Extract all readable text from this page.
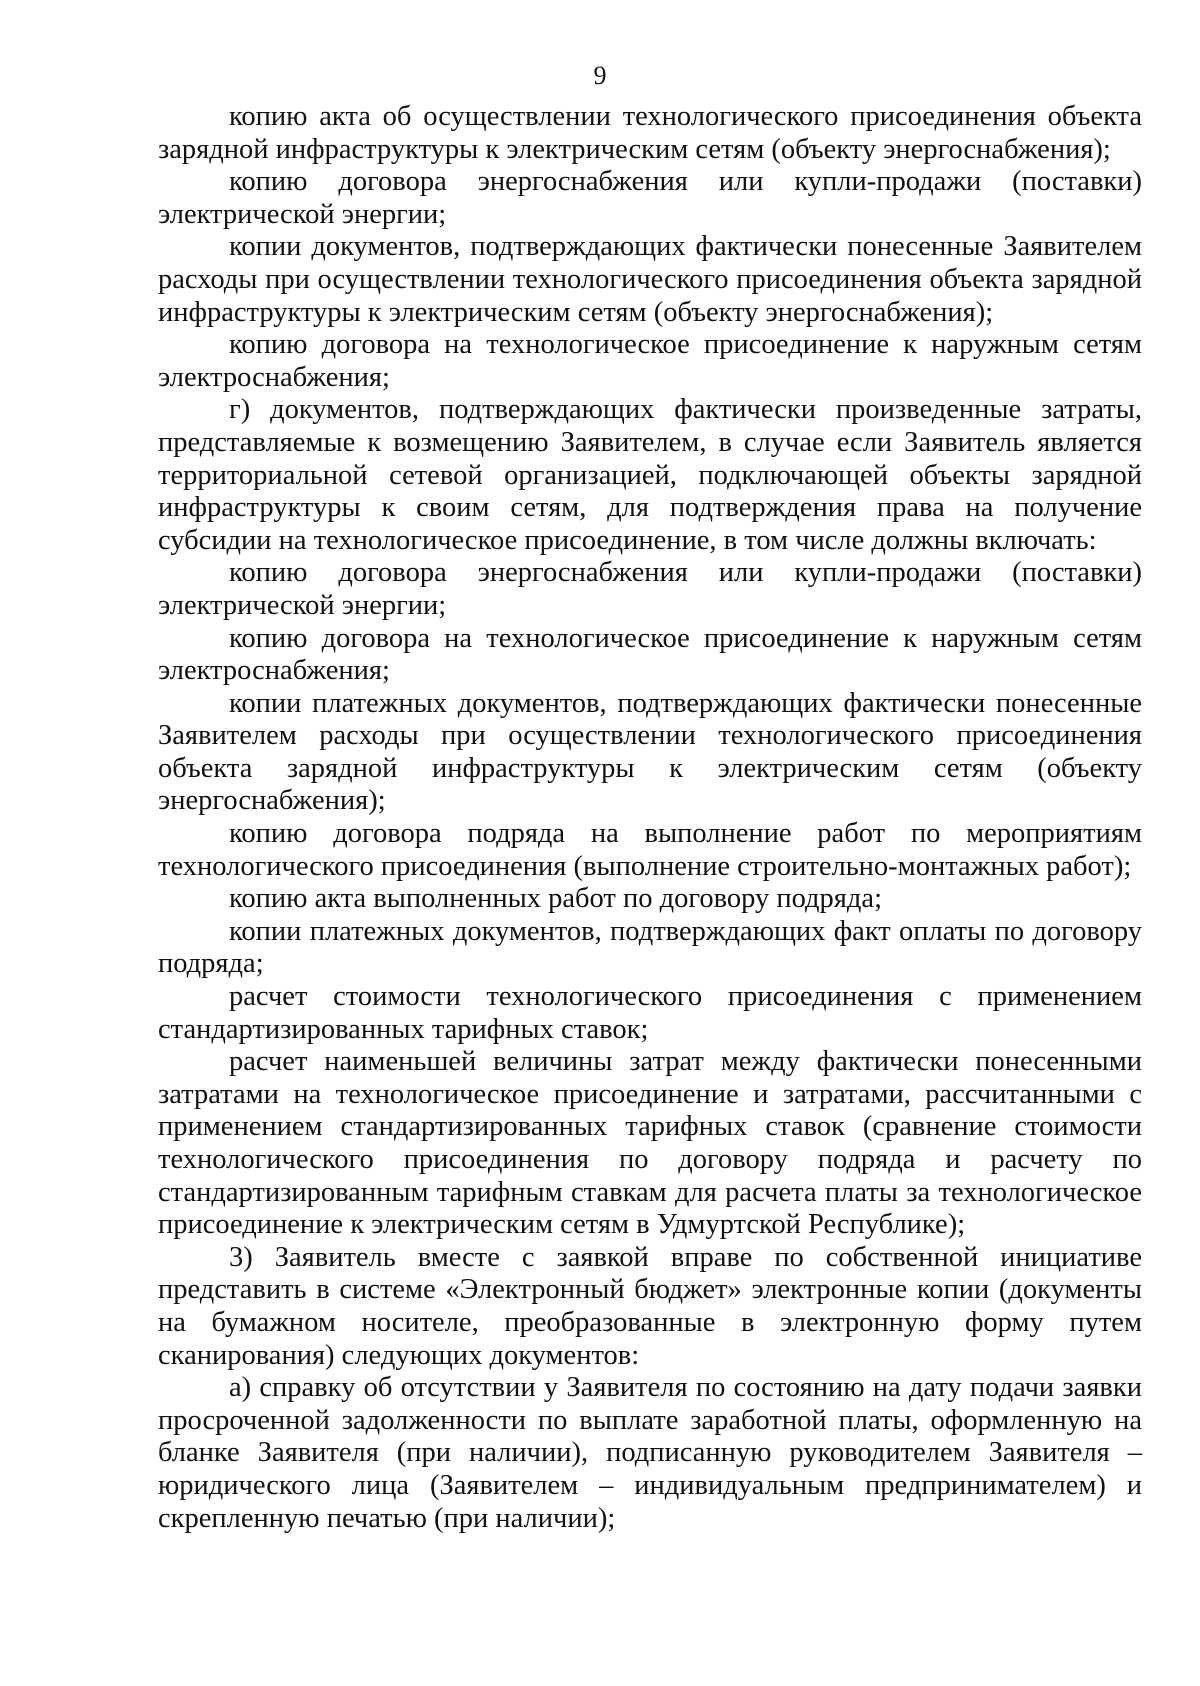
9

копию акта об осуществлении технологического присоединения объекта зарядной инфраструктуры к электрическим сетям (объекту энергоснабжения);

копию договора энергоснабжения или купли-продажи (поставки) электрической энергии;

копии документов, подтверждающих фактически понесенные Заявителем расходы при осуществлении технологического присоединения объекта зарядной инфраструктуры к электрическим сетям (объекту энергоснабжения);

копию договора на технологическое присоединение к наружным сетям электроснабжения;

г) документов, подтверждающих фактически произведенные затраты, представляемые к возмещению Заявителем, в случае если Заявитель является территориальной сетевой организацией, подключающей объекты зарядной инфраструктуры к своим сетям, для подтверждения права на получение субсидии на технологическое присоединение, в том числе должны включать:

копию договора энергоснабжения или купли-продажи (поставки) электрической энергии;

копию договора на технологическое присоединение к наружным сетям электроснабжения;

копии платежных документов, подтверждающих фактически понесенные Заявителем расходы при осуществлении технологического присоединения объекта зарядной инфраструктуры к электрическим сетям (объекту энергоснабжения);

копию договора подряда на выполнение работ по мероприятиям технологического присоединения (выполнение строительно-монтажных работ);

копию акта выполненных работ по договору подряда;

копии платежных документов, подтверждающих факт оплаты по договору подряда;

расчет стоимости технологического присоединения с применением стандартизированных тарифных ставок;

расчет наименьшей величины затрат между фактически понесенными затратами на технологическое присоединение и затратами, рассчитанными с применением стандартизированных тарифных ставок (сравнение стоимости технологического присоединения по договору подряда и расчету по стандартизированным тарифным ставкам для расчета платы за технологическое присоединение к электрическим сетям в Удмуртской Республике);

3) Заявитель вместе с заявкой вправе по собственной инициативе представить в системе «Электронный бюджет» электронные копии (документы на бумажном носителе, преобразованные в электронную форму путем сканирования) следующих документов:

а) справку об отсутствии у Заявителя по состоянию на дату подачи заявки просроченной задолженности по выплате заработной платы, оформленную на бланке Заявителя (при наличии), подписанную руководителем Заявителя – юридического лица (Заявителем – индивидуальным предпринимателем) и скрепленную печатью (при наличии);
